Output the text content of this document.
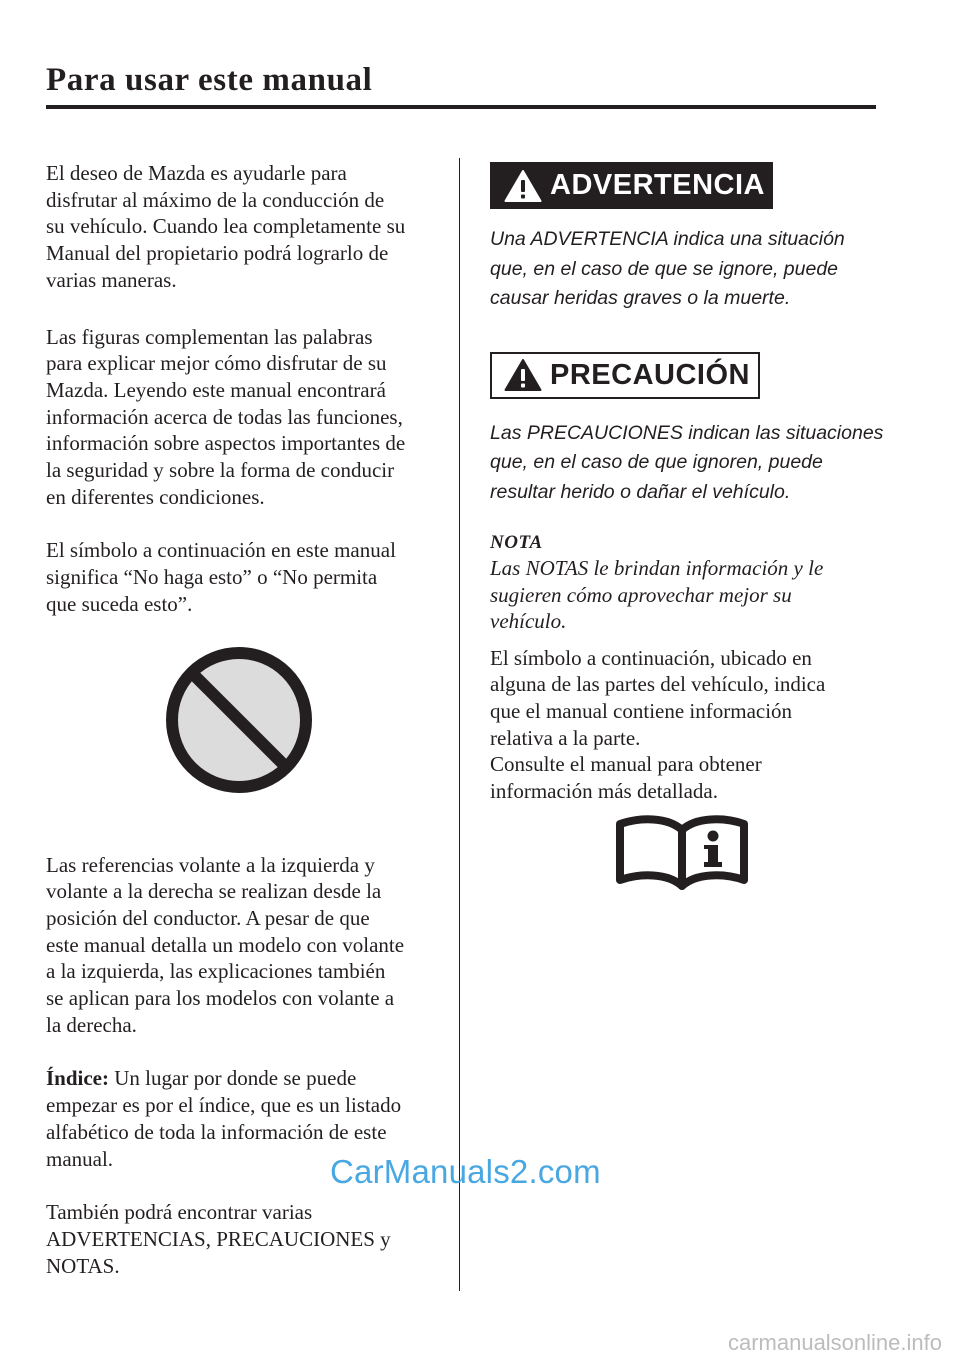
Para usar este manual

El deseo de Mazda es ayudarle para
disfrutar al máximo de la conducción de
su vehículo. Cuando lea completamente su
Manual del propietario podrá lograrlo de
varias maneras.

Las figuras complementan las palabras
para explicar mejor cómo disfrutar de su
Mazda. Leyendo este manual encontrará
información acerca de todas las funciones,
información sobre aspectos importantes de
la seguridad y sobre la forma de conducir
en diferentes condiciones.

El símbolo a continuación en este manual
significa “No haga esto” o “No permita
que suceda esto”.

Las referencias volante a la izquierda y
volante a la derecha se realizan desde la
posición del conductor. A pesar de que
este manual detalla un modelo con volante
a la izquierda, las explicaciones también
se aplican para los modelos con volante a
la derecha.

Índice: Un lugar por donde se puede
empezar es por el índice, que es un listado
alfabético de toda la información de este
manual.

También podrá encontrar varias
ADVERTENCIAS, PRECAUCIONES y
NOTAS.

ADVERTENCIA

Una ADVERTENCIA indica una situación
que, en el caso de que se ignore, puede
causar heridas graves o la muerte.

PRECAUCIÓN

Las PRECAUCIONES indican las situaciones
que, en el caso de que ignoren, puede
resultar herido o dañar el vehículo.

NOTA

Las NOTAS le brindan información y le
sugieren cómo aprovechar mejor su
vehículo.

El símbolo a continuación, ubicado en
alguna de las partes del vehículo, indica
que el manual contiene información
relativa a la parte.
Consulte el manual para obtener
información más detallada.

CarManuals2.com

carmanualsonline.info
